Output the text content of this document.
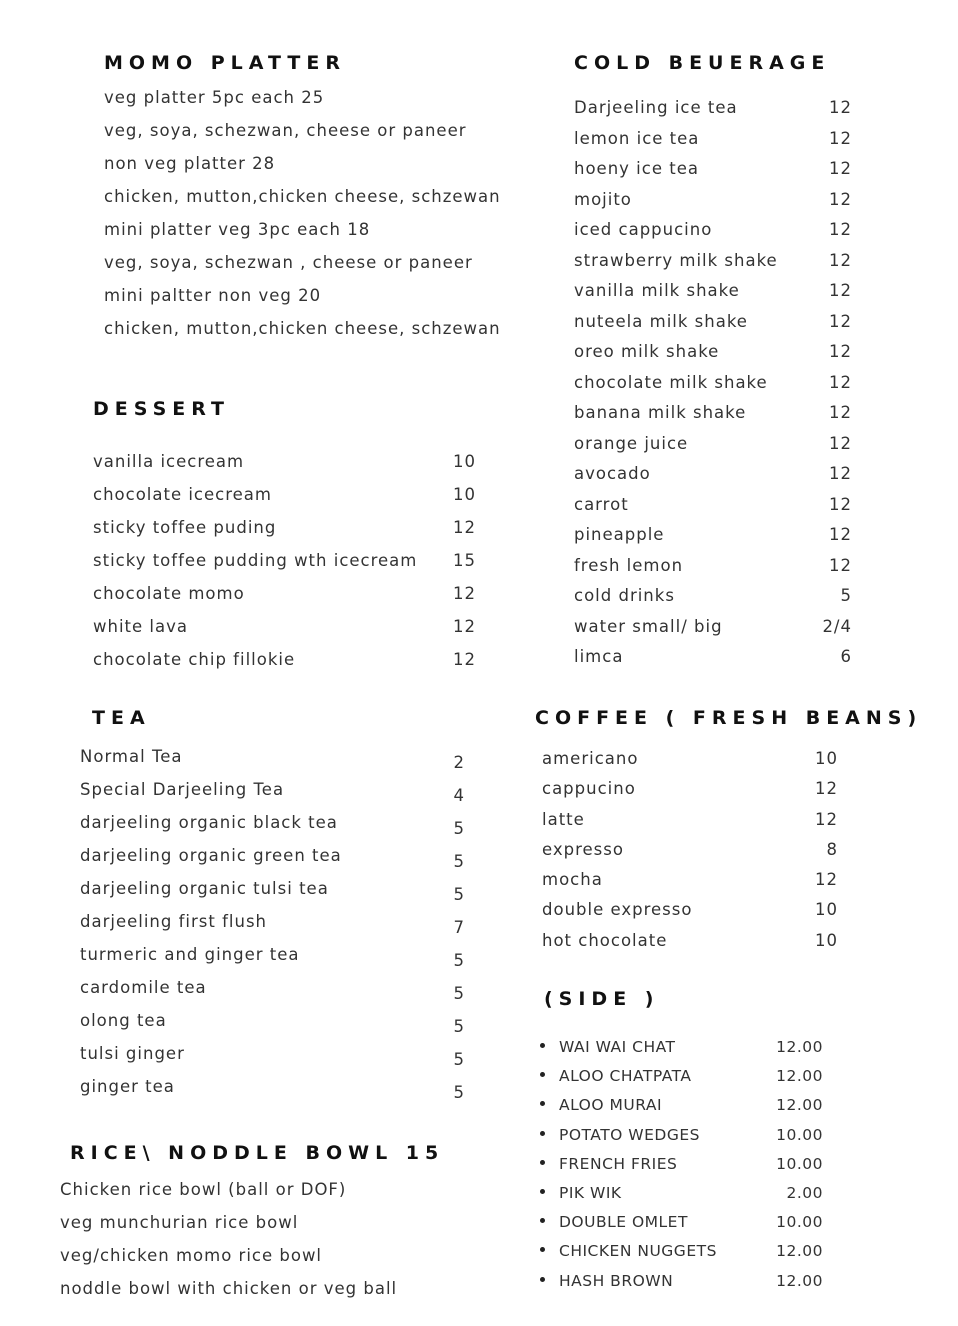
MOMO PLATTER
veg platter 5pc each 25
veg, soya, schezwan, cheese or paneer
non veg platter 28
chicken, mutton,chicken cheese, schzewan
mini platter veg 3pc each 18
veg, soya, schezwan , cheese or paneer
mini paltter non veg 20
chicken, mutton,chicken cheese, schzewan
DESSERT
vanilla icecream	10
chocolate icecream	10
sticky toffee puding	12
sticky toffee pudding wth icecream 15
chocolate momo	12
white lava	12
chocolate chip fillokie	12
TEA
Normal Tea	2
Special Darjeeling Tea	4
darjeeling organic black tea	5
darjeeling organic green tea	5
darjeeling organic tulsi tea	5
darjeeling first flush	7
turmeric and ginger tea	5
cardomile tea	5
olong tea	5
tulsi ginger	5
ginger tea	5
RICE\ NODDLE BOWL 15
Chicken rice bowl (ball or DOF)
veg munchurian rice bowl
veg/chicken momo rice bowl
noddle bowl with chicken or veg ball
COLD BEUERAGE
Darjeeling ice tea	12
lemon ice tea	12
hoeny ice tea	12
mojito	12
iced cappucino	12
strawberry milk shake	12
vanilla milk shake	12
nuteela milk shake	12
oreo milk shake	12
chocolate milk shake	12
banana milk shake	12
orange juice	12
avocado	12
carrot	12
pineapple	12
fresh lemon	12
cold drinks	5
water small/ big	2/4
limca	6
COFFEE ( FRESH BEANS)
americano	10
cappucino	12
latte	12
expresso	8
mocha	12
double expresso	10
hot chocolate	10
(SIDE )
WAI WAI CHAT	12.00
ALOO CHATPATA	12.00
ALOO MURAI	12.00
POTATO WEDGES	10.00
FRENCH FRIES	10.00
PIK WIK	2.00
DOUBLE OMLET	10.00
CHICKEN NUGGETS	12.00
HASH BROWN	12.00
